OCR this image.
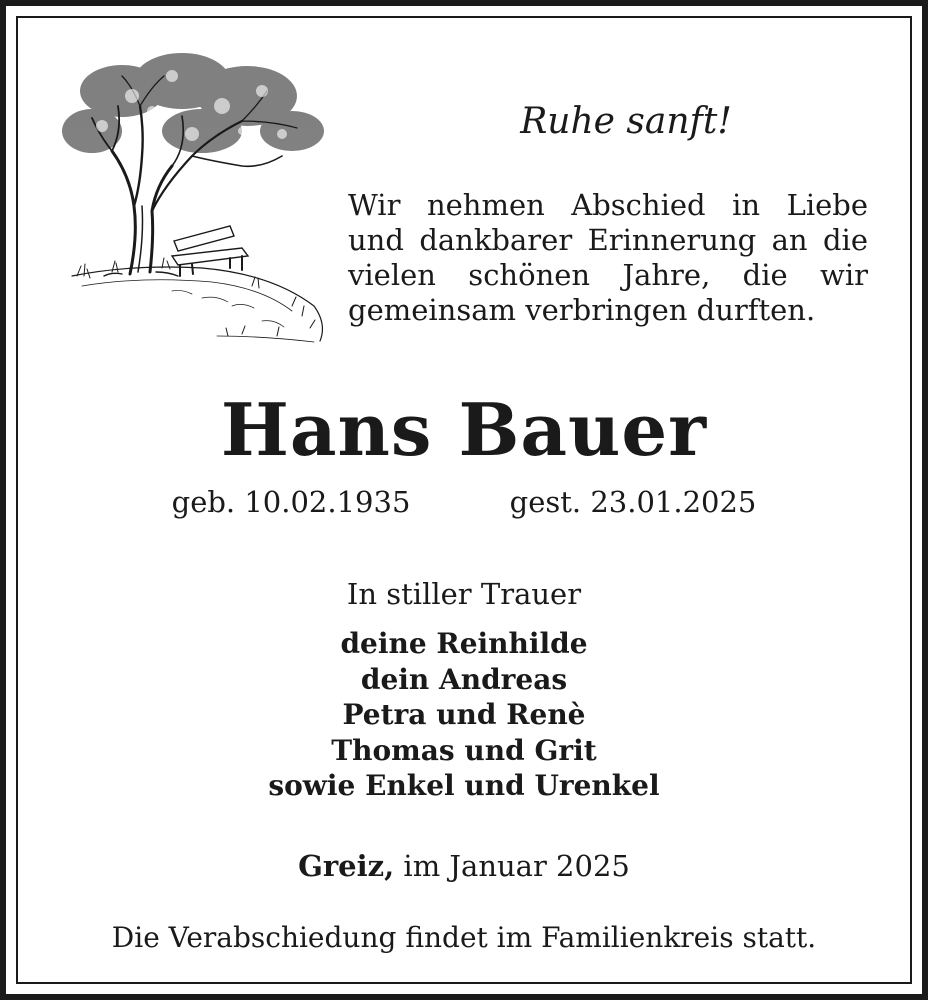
Ruhe sanft!
Wir nehmen Abschied in Liebe
und dankbarer Erinnerung an die
vielen schönen Jahre, die wir
gemeinsam verbringen durften.
Hans Bauer
geb. 10.02.1935	gest. 23.01.2025
In stiller Trauer
deine Reinhilde
dein Andreas
Petra und Renè
Thomas und Grit
sowie Enkel und Urenkel
Greiz, im Januar 2025
Die Verabschiedung findet im Familienkreis statt.
